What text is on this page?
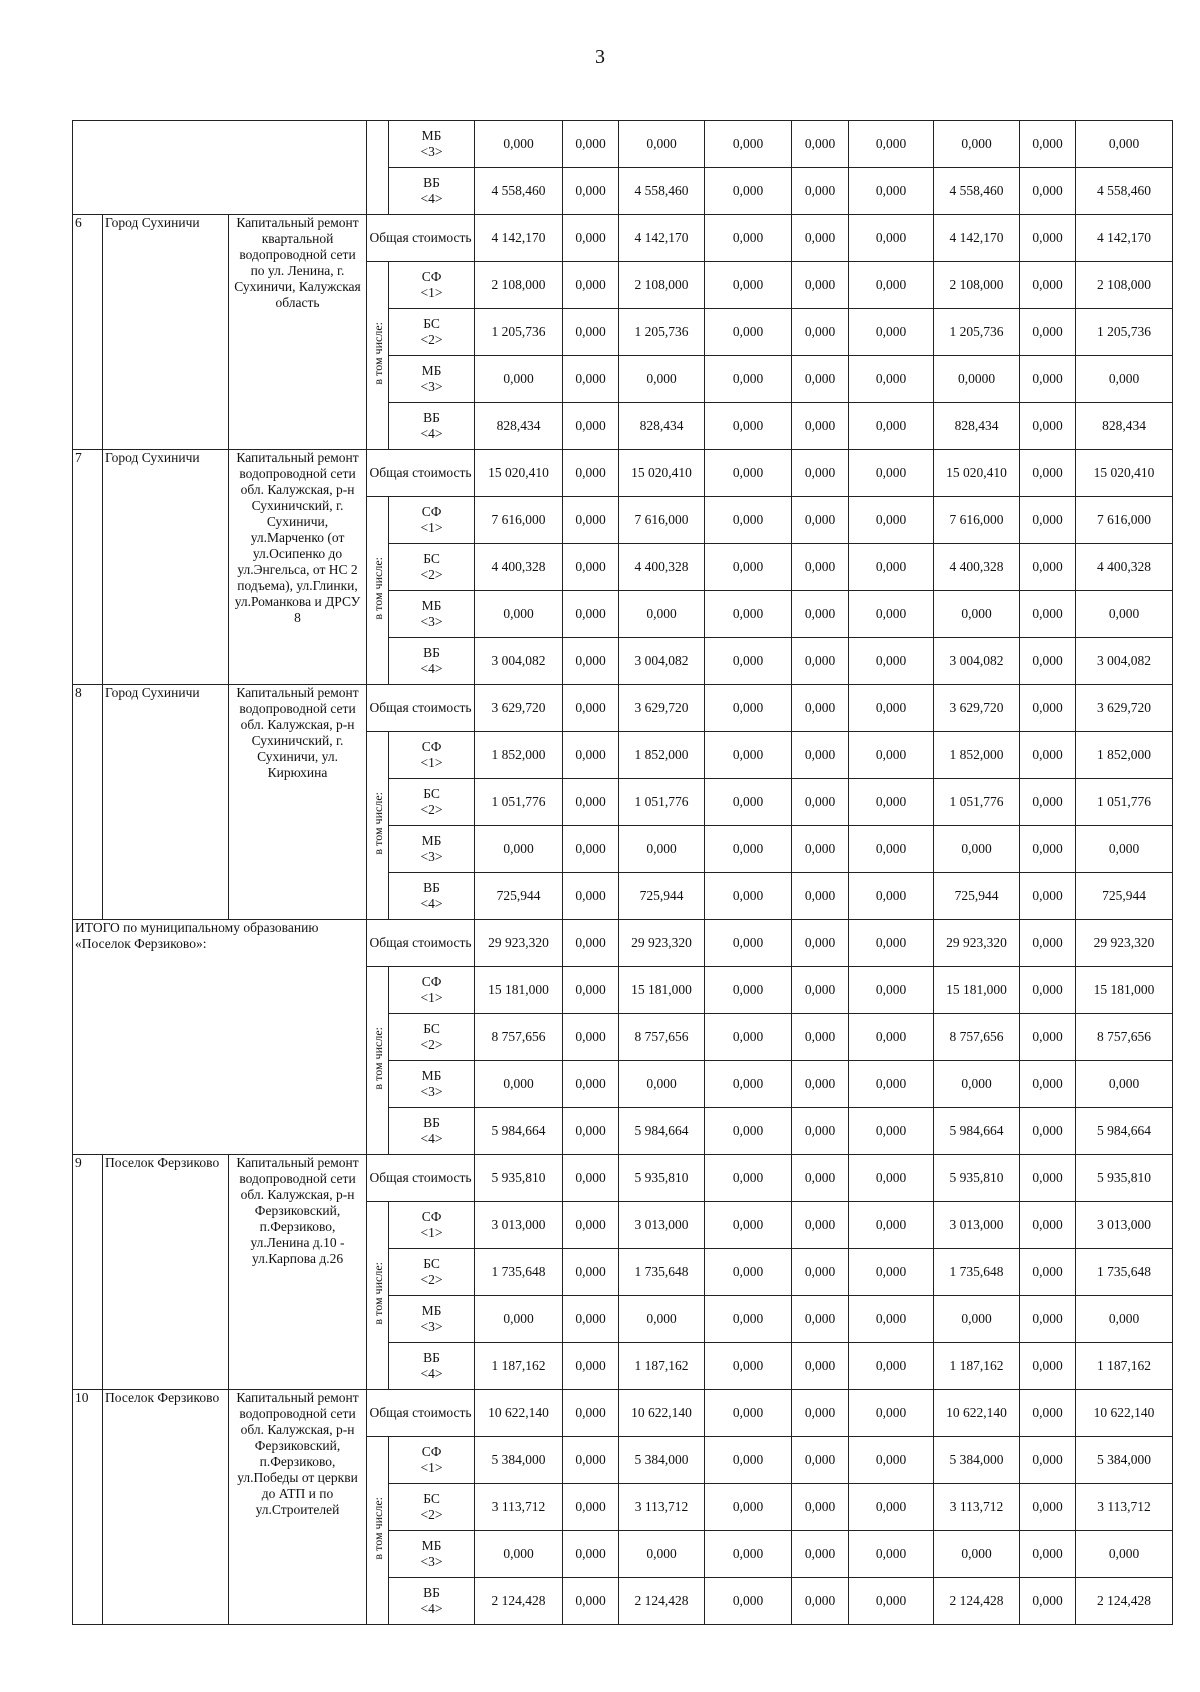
3
				МБ
<3>	0,000	0,000	0,000	0,000	0,000	0,000	0,000	0,000	0,000
				ВБ
<4>	4 558,460	0,000	4 558,460	0,000	0,000	0,000	4 558,460	0,000	4 558,460
6	Город Сухиничи	Капитальный ремонт квартальной водопроводной сети по ул. Ленина, г. Сухиничи, Калужская область	Общая стоимость		4 142,170	0,000	4 142,170	0,000	0,000	0,000	4 142,170	0,000	4 142,170
			в том числе:	СФ
<1>	2 108,000	0,000	2 108,000	0,000	0,000	0,000	2 108,000	0,000	2 108,000
				БС
<2>	1 205,736	0,000	1 205,736	0,000	0,000	0,000	1 205,736	0,000	1 205,736
				МБ
<3>	0,000	0,000	0,000	0,000	0,000	0,000	0,0000	0,000	0,000
				ВБ
<4>	828,434	0,000	828,434	0,000	0,000	0,000	828,434	0,000	828,434
7	Город Сухиничи	Капитальный ремонт водопроводной сети обл. Калужская, р-н Сухиничский, г. Сухиничи, ул.Марченко (от ул.Осипенко до ул.Энгельса, от НС 2 подъема), ул.Глинки, ул.Романкова и ДРСУ 8	Общая стоимость		15 020,410	0,000	15 020,410	0,000	0,000	0,000	15 020,410	0,000	15 020,410
			в том числе:	СФ
<1>	7 616,000	0,000	7 616,000	0,000	0,000	0,000	7 616,000	0,000	7 616,000
				БС
<2>	4 400,328	0,000	4 400,328	0,000	0,000	0,000	4 400,328	0,000	4 400,328
				МБ
<3>	0,000	0,000	0,000	0,000	0,000	0,000	0,000	0,000	0,000
				ВБ
<4>	3 004,082	0,000	3 004,082	0,000	0,000	0,000	3 004,082	0,000	3 004,082
8	Город Сухиничи	Капитальный ремонт водопроводной сети обл. Калужская, р-н Сухиничский, г. Сухиничи, ул. Кирюхина	Общая стоимость		3 629,720	0,000	3 629,720	0,000	0,000	0,000	3 629,720	0,000	3 629,720
			в том числе:	СФ
<1>	1 852,000	0,000	1 852,000	0,000	0,000	0,000	1 852,000	0,000	1 852,000
				БС
<2>	1 051,776	0,000	1 051,776	0,000	0,000	0,000	1 051,776	0,000	1 051,776
				МБ
<3>	0,000	0,000	0,000	0,000	0,000	0,000	0,000	0,000	0,000
				ВБ
<4>	725,944	0,000	725,944	0,000	0,000	0,000	725,944	0,000	725,944
ИТОГО по муниципальному образованию «Поселок Ферзиково»:			Общая стоимость		29 923,320	0,000	29 923,320	0,000	0,000	0,000	29 923,320	0,000	29 923,320
			в том числе:	СФ
<1>	15 181,000	0,000	15 181,000	0,000	0,000	0,000	15 181,000	0,000	15 181,000
				БС
<2>	8 757,656	0,000	8 757,656	0,000	0,000	0,000	8 757,656	0,000	8 757,656
				МБ
<3>	0,000	0,000	0,000	0,000	0,000	0,000	0,000	0,000	0,000
				ВБ
<4>	5 984,664	0,000	5 984,664	0,000	0,000	0,000	5 984,664	0,000	5 984,664
9	Поселок Ферзиково	Капитальный ремонт водопроводной сети обл. Калужская, р-н Ферзиковский, п.Ферзиково, ул.Ленина д.10 - ул.Карпова д.26	Общая стоимость		5 935,810	0,000	5 935,810	0,000	0,000	0,000	5 935,810	0,000	5 935,810
			в том числе:	СФ
<1>	3 013,000	0,000	3 013,000	0,000	0,000	0,000	3 013,000	0,000	3 013,000
				БС
<2>	1 735,648	0,000	1 735,648	0,000	0,000	0,000	1 735,648	0,000	1 735,648
				МБ
<3>	0,000	0,000	0,000	0,000	0,000	0,000	0,000	0,000	0,000
				ВБ
<4>	1 187,162	0,000	1 187,162	0,000	0,000	0,000	1 187,162	0,000	1 187,162
10	Поселок Ферзиково	Капитальный ремонт водопроводной сети обл. Калужская, р-н Ферзиковский, п.Ферзиково, ул.Победы от церкви до АТП и по ул.Строителей	Общая стоимость		10 622,140	0,000	10 622,140	0,000	0,000	0,000	10 622,140	0,000	10 622,140
			в том числе:	СФ
<1>	5 384,000	0,000	5 384,000	0,000	0,000	0,000	5 384,000	0,000	5 384,000
				БС
<2>	3 113,712	0,000	3 113,712	0,000	0,000	0,000	3 113,712	0,000	3 113,712
				МБ
<3>	0,000	0,000	0,000	0,000	0,000	0,000	0,000	0,000	0,000
				ВБ
<4>	2 124,428	0,000	2 124,428	0,000	0,000	0,000	2 124,428	0,000	2 124,428
